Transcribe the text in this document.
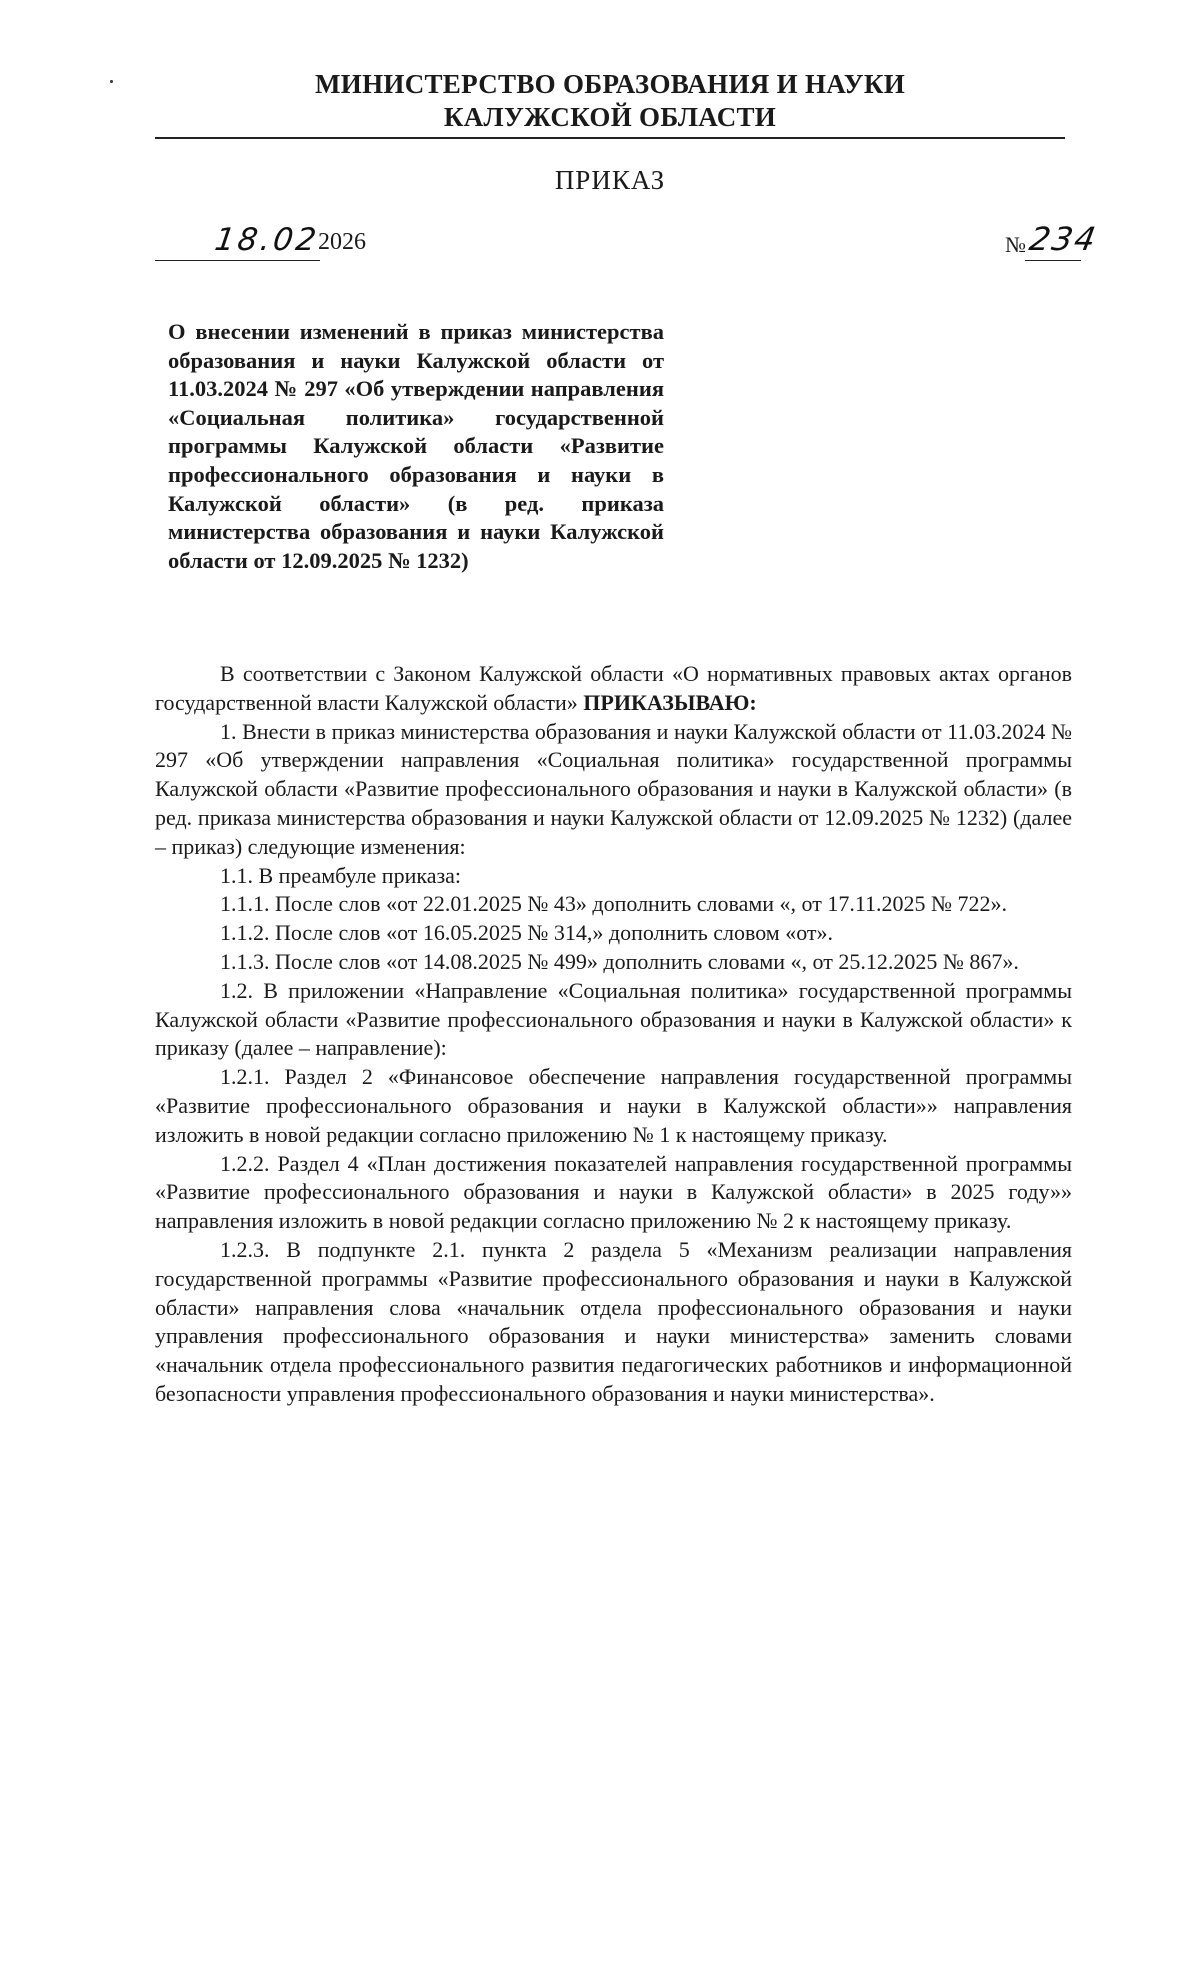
МИНИСТЕРСТВО ОБРАЗОВАНИЯ И НАУКИ
КАЛУЖСКОЙ ОБЛАСТИ
ПРИКАЗ
18.02
2026	№ 234
О внесении изменений в приказ министерства образования и науки Калужской области от 11.03.2024 № 297 «Об утверждении направления «Социальная политика» государственной программы Калужской области «Развитие профессионального образования и науки в Калужской области» (в ред. приказа министерства образования и науки Калужской области от 12.09.2025 № 1232)

В соответствии с Законом Калужской области «О нормативных правовых актах органов государственной власти Калужской области» ПРИКАЗЫВАЮ:

1. Внести в приказ министерства образования и науки Калужской области от 11.03.2024 № 297 «Об утверждении направления «Социальная политика» государственной программы Калужской области «Развитие профессионального образования и науки в Калужской области» (в ред. приказа министерства образования и науки Калужской области от 12.09.2025 № 1232) (далее – приказ) следующие изменения:

1.1. В преамбуле приказа:

1.1.1. После слов «от 22.01.2025 № 43» дополнить словами «, от 17.11.2025 № 722».

1.1.2. После слов «от 16.05.2025 № 314,» дополнить словом «от».

1.1.3. После слов «от 14.08.2025 № 499» дополнить словами «, от 25.12.2025 № 867».

1.2. В приложении «Направление «Социальная политика» государственной программы Калужской области «Развитие профессионального образования и науки в Калужской области» к приказу (далее – направление):

1.2.1. Раздел 2 «Финансовое обеспечение направления государственной программы «Развитие профессионального образования и науки в Калужской области»» направления изложить в новой редакции согласно приложению № 1 к настоящему приказу.

1.2.2. Раздел 4 «План достижения показателей направления государственной программы «Развитие профессионального образования и науки в Калужской области» в 2025 году»» направления изложить в новой редакции согласно приложению № 2 к настоящему приказу.

1.2.3. В подпункте 2.1. пункта 2 раздела 5 «Механизм реализации направления государственной программы «Развитие профессионального образования и науки в Калужской области» направления слова «начальник отдела профессионального образования и науки управления профессионального образования и науки министерства» заменить словами «начальник отдела профессионального развития педагогических работников и информационной безопасности управления профессионального образования и науки министерства».
